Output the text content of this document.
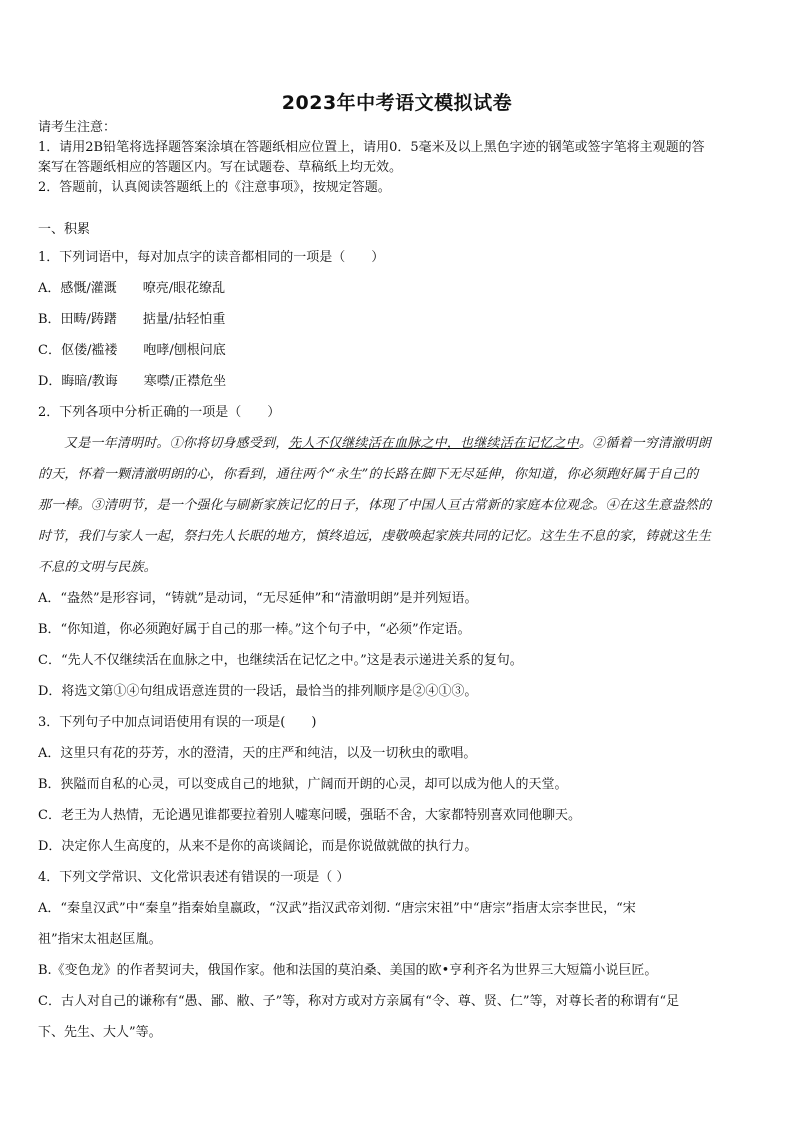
2023年中考语文模拟试卷
请考生注意：
1．请用2B铅笔将选择题答案涂填在答题纸相应位置上，请用0．5毫米及以上黑色字迹的钢笔或签字笔将主观题的答
案写在答题纸相应的答题区内。写在试题卷、草稿纸上均无效。
2．答题前，认真阅读答题纸上的《注意事项》，按规定答题。
一、积累
1．下列词语中，每对加点字的读音都相同的一项是（　　）
A．感慨/灌溉　　嘹亮/眼花缭乱
B．田畴/踌躇　　掂量/拈轻怕重
C．伛偻/褴褛　　咆哮/刨根问底
D．晦暗/教诲　　寒噤/正襟危坐
2．下列各项中分析正确的一项是（　　）
又是一年清明时。①你将切身感受到，先人不仅继续活在血脉之中，也继续活在记忆之中。②循着一穷清澈明朗
的天，怀着一颗清澈明朗的心，你看到，通往两个“永生”的长路在脚下无尽延伸，你知道，你必须跑好属于自己的
那一棒。③清明节，是一个强化与刷新家族记忆的日子，体现了中国人亘古常新的家庭本位观念。④在这生意盎然的
时节，我们与家人一起，祭扫先人长眠的地方，慎终追远，虔敬唤起家族共同的记忆。这生生不息的家，铸就这生生
不息的文明与民族。
A．“盎然”是形容词，“铸就”是动词，“无尽延伸”和“清澈明朗”是并列短语。
B．“你知道，你必须跑好属于自己的那一棒。”这个句子中，“必须”作定语。
C．“先人不仅继续活在血脉之中，也继续活在记忆之中。”这是表示递进关系的复句。
D．将选文第①④句组成语意连贯的一段话，最恰当的排列顺序是②④①③。
3．下列句子中加点词语使用有误的一项是(　　)
A．这里只有花的芬芳，水的澄清，天的庄严和纯洁，以及一切秋虫的歌唱。
B．狭隘而自私的心灵，可以变成自己的地狱，广阔而开朗的心灵，却可以成为他人的天堂。
C．老王为人热情，无论遇见谁都要拉着别人嘘寒问暖，强聒不舍，大家都特别喜欢同他聊天。
D．决定你人生高度的，从来不是你的高谈阔论，而是你说做就做的执行力。
4．下列文学常识、文化常识表述有错误的一项是（ ）
A．“秦皇汉武”中“秦皇”指秦始皇嬴政，“汉武”指汉武帝刘彻. “唐宗宋祖”中“唐宗”指唐太宗李世民，“宋
祖”指宋太祖赵匡胤。
B.《变色龙》的作者契诃夫，俄国作家。他和法国的莫泊桑、美国的欧•亨利齐名为世界三大短篇小说巨匠。
C．古人对自己的谦称有“愚、鄙、敝、子”等，称对方或对方亲属有“令、尊、贤、仁”等，对尊长者的称谓有“足
下、先生、大人”等。
